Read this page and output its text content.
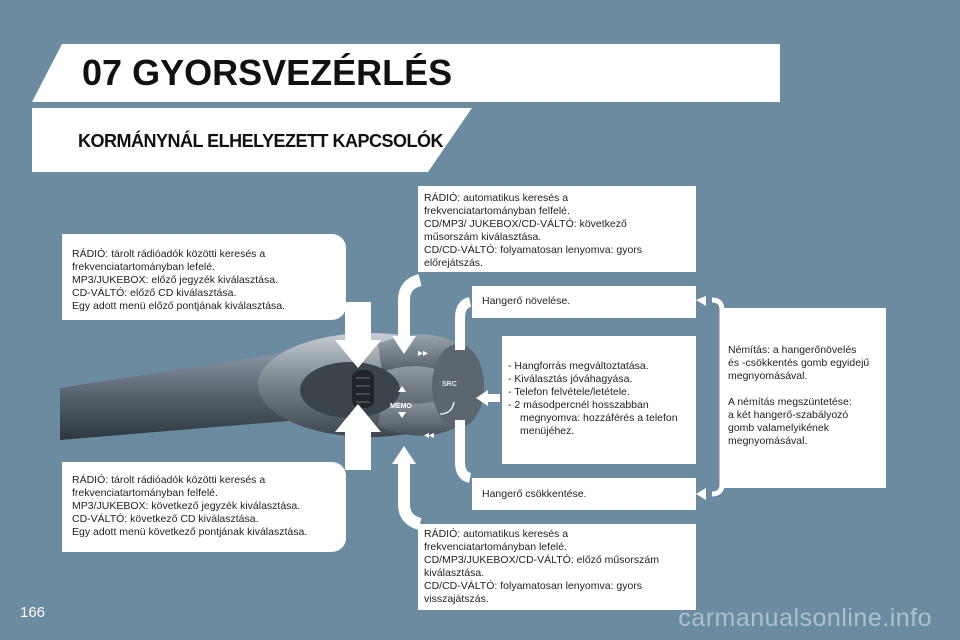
07 GYORSVEZÉRLÉS
KORMÁNYNÁL ELHELYEZETT KAPCSOLÓK
▸▸
◂◂
SRC
MEMO

RÁDIÓ: tárolt rádióadók közötti keresés a

frekvenciatartományban lefelé.

MP3/JUKEBOX: előző jegyzék kiválasztása.

CD-VÁLTÓ: előző CD kiválasztása.

Egy adott menü előző pontjának kiválasztása.

RÁDIÓ: tárolt rádióadók közötti keresés a

frekvenciatartományban felfelé.

MP3/JUKEBOX: következő jegyzék kiválasztása.

CD-VÁLTÓ: következő CD kiválasztása.

Egy adott menü következő pontjának kiválasztása.

RÁDIÓ: automatikus keresés a

frekvenciatartományban felfelé.

CD/MP3/ JUKEBOX/CD-VÁLTÓ: következő

műsorszám kiválasztása.

CD/CD-VÁLTÓ: folyamatosan lenyomva: gyors

előrejátszás.

Hangerő növelése.

- Hangforrás megváltoztatása.
- Kiválasztás jóváhagyása.
- Telefon felvétele/letétele.
- 2 másodpercnél hosszabban megnyomva: hozzáférés a telefon menüjéhez.

Hangerő csökkentése.

RÁDIÓ: automatikus keresés a

frekvenciatartományban lefelé.

CD/MP3/JUKEBOX/CD-VÁLTÓ: előző műsorszám

kiválasztása.

CD/CD-VÁLTÓ: folyamatosan lenyomva: gyors

visszajátszás.

Némítás: a hangerőnövelés

és -csökkentés gomb egyidejű

megnyomásával.

A némítás megszüntetése:

a két hangerő-szabályozó

gomb valamelyikének

megnyomásával.

166	carmanualsonline.info
